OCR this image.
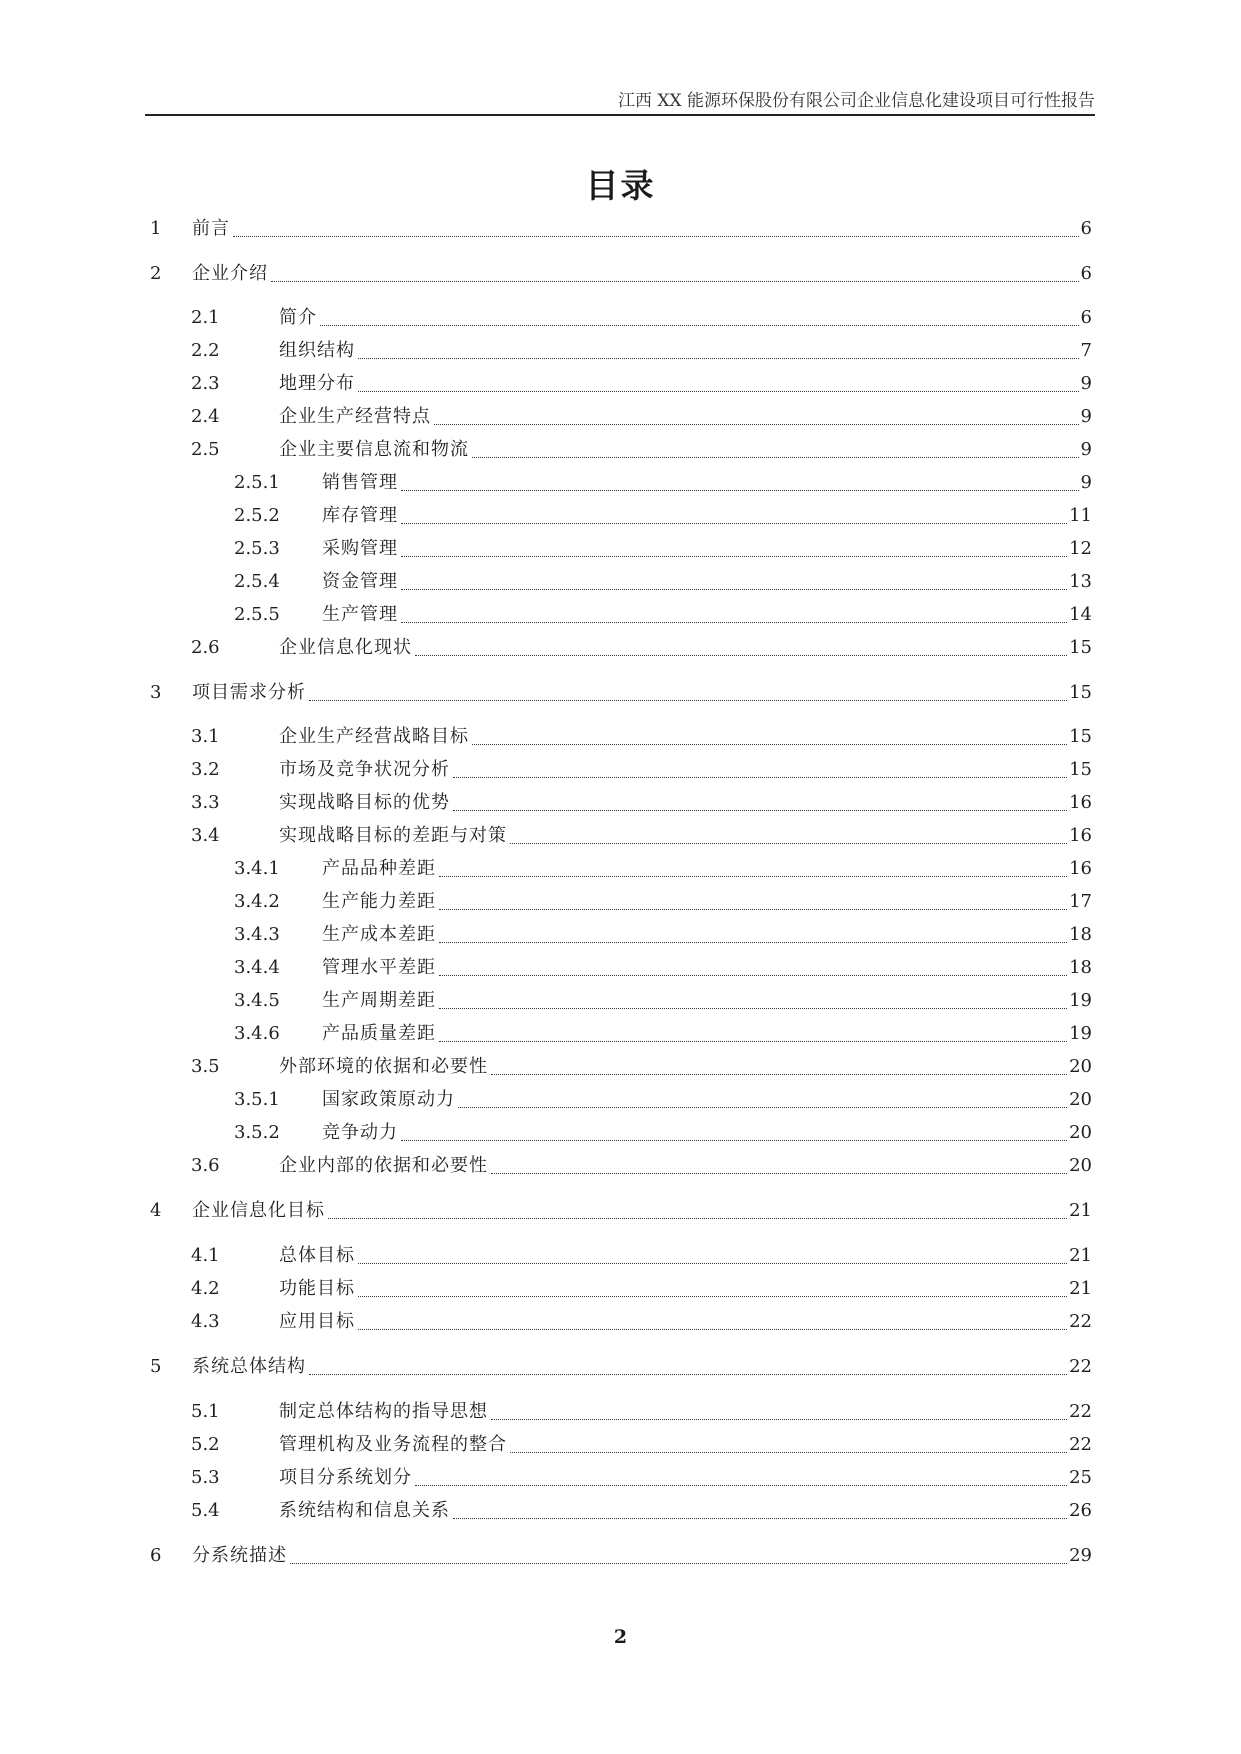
江西 XX 能源环保股份有限公司企业信息化建设项目可行性报告
目录
1	前言	6
2	企业介绍	6
2.1	简介	6
2.2	组织结构	7
2.3	地理分布	9
2.4	企业生产经营特点	9
2.5	企业主要信息流和物流	9
2.5.1	销售管理	9
2.5.2	库存管理	11
2.5.3	采购管理	12
2.5.4	资金管理	13
2.5.5	生产管理	14
2.6	企业信息化现状	15
3	项目需求分析	15
3.1	企业生产经营战略目标	15
3.2	市场及竞争状况分析	15
3.3	实现战略目标的优势	16
3.4	实现战略目标的差距与对策	16
3.4.1	产品品种差距	16
3.4.2	生产能力差距	17
3.4.3	生产成本差距	18
3.4.4	管理水平差距	18
3.4.5	生产周期差距	19
3.4.6	产品质量差距	19
3.5	外部环境的依据和必要性	20
3.5.1	国家政策原动力	20
3.5.2	竞争动力	20
3.6	企业内部的依据和必要性	20
4	企业信息化目标	21
4.1	总体目标	21
4.2	功能目标	21
4.3	应用目标	22
5	系统总体结构	22
5.1	制定总体结构的指导思想	22
5.2	管理机构及业务流程的整合	22
5.3	项目分系统划分	25
5.4	系统结构和信息关系	26
6	分系统描述	29
2
